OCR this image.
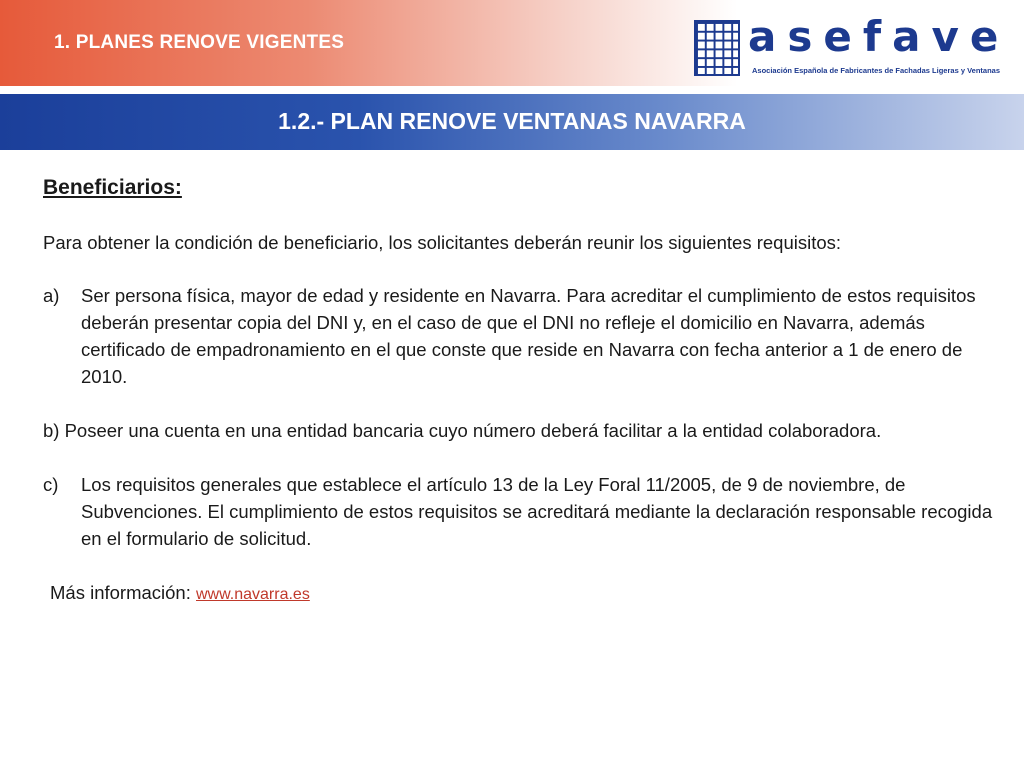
1. PLANES RENOVE VIGENTES	asefave
Asociación Española de Fabricantes de Fachadas Ligeras y Ventanas
1.2.- PLAN RENOVE VENTANAS NAVARRA
Beneficiarios:
Para obtener la condición de beneficiario, los solicitantes deberán reunir los siguientes requisitos:
a) Ser persona física, mayor de edad y residente en Navarra. Para acreditar el cumplimiento de estos requisitos deberán presentar copia del DNI y, en el caso de que el DNI no refleje el domicilio en Navarra, además certificado de empadronamiento en el que conste que reside en Navarra con fecha anterior a 1 de enero de 2010.
b) Poseer una cuenta en una entidad bancaria cuyo número deberá facilitar a la entidad colaboradora.
c) Los requisitos generales que establece el artículo 13 de la Ley Foral 11/2005, de 9 de noviembre, de Subvenciones. El cumplimiento de estos requisitos se acreditará mediante la declaración responsable recogida en el formulario de solicitud.
Más información: www.navarra.es
